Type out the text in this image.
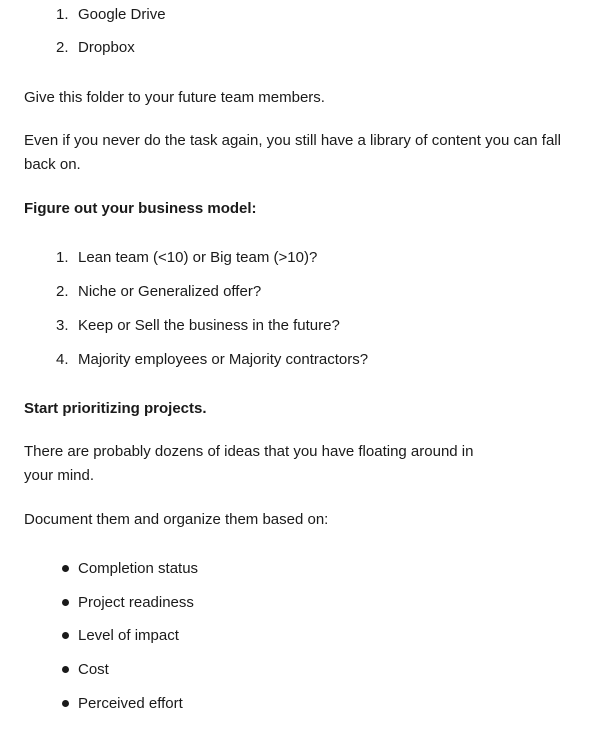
1. Google Drive
2. Dropbox
Give this folder to your future team members.
Even if you never do the task again, you still have a library of content you can fall
back on.
Figure out your business model:
1. Lean team (<10) or Big team (>10)?
2. Niche or Generalized offer?
3. Keep or Sell the business in the future?
4. Majority employees or Majority contractors?
Start prioritizing projects.
There are probably dozens of ideas that you have floating around in
your mind.
Document them and organize them based on:
Completion status
Project readiness
Level of impact
Cost
Perceived effort
